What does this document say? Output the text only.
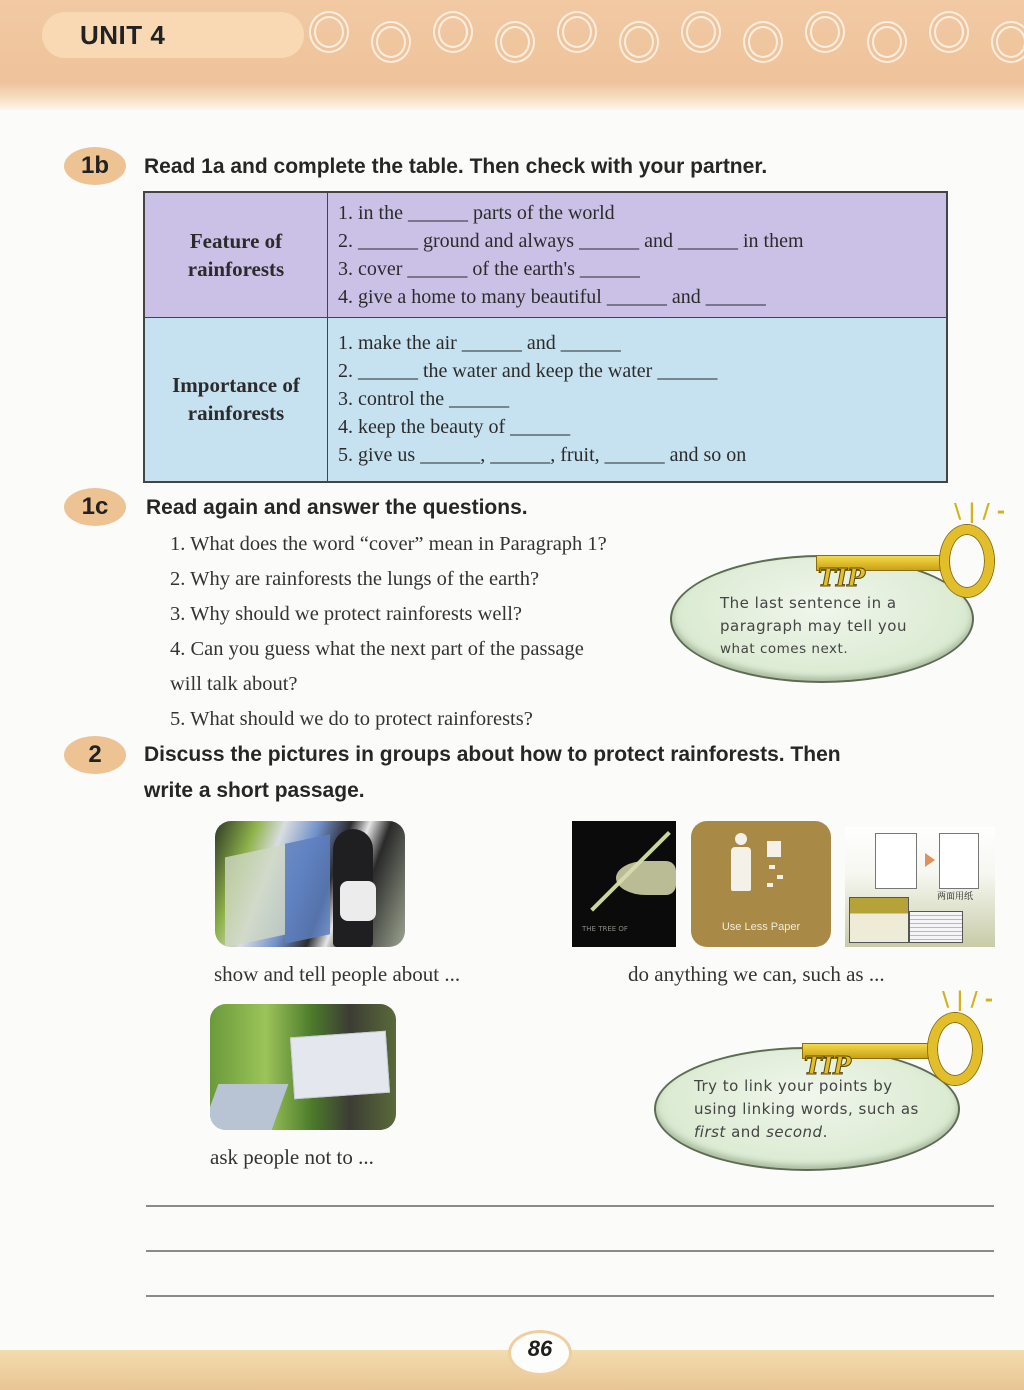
UNIT 4
1b	Read 1a and complete the table. Then check with your partner.
Feature of rainforests	1. in the ______ parts of the world
2. ______ ground and always ______ and ______ in them
3. cover ______ of the earth's ______
4. give a home to many beautiful ______ and ______

Importance of rainforests	1. make the air ______ and ______
2. ______ the water and keep the water ______
3. control the ______
4. keep the beauty of ______
5. give us ______, ______, fruit, ______ and so on
1c	Read again and answer the questions.
1. What does the word “cover” mean in Paragraph 1?
2. Why are rainforests the lungs of the earth?
3. Why should we protect rainforests well?
4. Can you guess what the next part of the passage
will talk about?
5. What should we do to protect rainforests?
\ | / -
TIP
The last sentence in a
paragraph may tell you
what comes next.
2	Discuss the pictures in groups about how to protect rainforests. Then
write a short passage.
show and tell people about ...
THE TREE OF	Use Less Paper
两面用纸
do anything we can, such as ...
ask people not to ...
\ | / -
TIP
Try to link your points by
using linking words, such as
first and second.
86
